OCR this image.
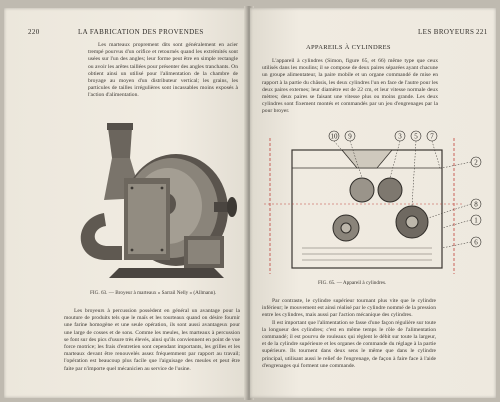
220	LA FABRICATION DES PROVENDES

Les marteaux proprement dits sont généralement en acier trempé pourvus d'un orifice et retournés quand les extrémités sont usées sur l'un des angles; leur forme peut être en simple rectangle ou avoir les arêtes taillées pour présenter des angles tranchants. On obtient ainsi un utilisé pour l'alimentation de la chambre de broyage au moyen d'un distributeur vertical; les grains, les particules de tailles irrégulières sont incassables moins exposés à l'action d'alimentation.

FIG. 63. — Broyeur à marteaux « Sarrail Nelly » (Allmann).

Les broyeurs à percussion possèdent en général un avantage pour la mouture de produits tels que le maïs et les tourteaux quand on désire fournir une farine homogène et une seule opération, ils sont aussi avantageux pour une large de cosses et de sons. Comme les meules, les marteaux à percussion se font sur des pics d'usure très élevés, ainsi qu'ils conviennent en point de vue force motrice; les frais d'entretien sont cependant importants, les grilles et les marteaux devant être renouvelés assez fréquemment par rapport au travail; l'opération est beaucoup plus facile que l'aiguisage des meules et peut être faite par n'importe quel mécanicien au service de l'usine.

LES BROYEURS 221
APPAREILS À CYLINDRES

L'appareil à cylindres (Simon, figure 65, et 66) même type que ceux utilisés dans les moulins; il se compose de deux paires séparées ayant chacune un groupe alimentateur, la paire mobile et un organe commandé de mise en rapport à la partie du châssis, les deux cylindres l'un en face de l'autre pour les deux paires externes; leur diamètre est de 22 cm, et leur vitesse normale deux mètres; deux paires se faisant une vitesse plus ou moins grande. Les deux cylindres sont fixement montés et commandés par un jeu d'engrenages par la pour broyer.

10 9	3 5 7
2
8
1
6
FIG. 65. — Appareil à cylindres.

Par contraste, le cylindre supérieur tournant plus vite que le cylindre inférieur; le mouvement est ainsi réalisé par le cylindre nommé de la pression entre les cylindres, mais aussi par l'action mécanique des cylindres.

Il est important que l'alimentation se fasse d'une façon régulière sur toute la longueur des cylindres; c'est en même temps le rôle de l'alimentation commandé; il est pourvu de rouleaux qui règlent le débit sur toute la largeur, et de la cylindre supérieure et les organes de commande du réglage à la partie supérieure. Ils tournent dans deux sens le même que dans le cylindre principal, utilisant aussi le relief de l'engrenage, de façon à faire face à l'aide d'engrenages qui forment une commande.
